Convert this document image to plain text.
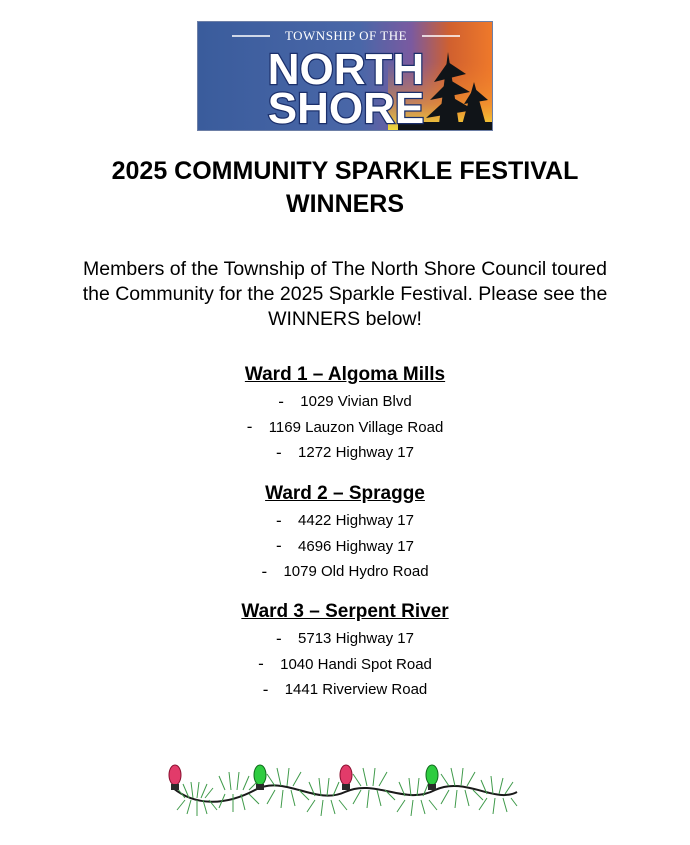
TOWNSHIP OF THE
NORTH
SHORE
2025 COMMUNITY SPARKLE FESTIVAL
WINNERS
Members of the Township of The North Shore Council toured
the Community for the 2025 Sparkle Festival. Please see the
WINNERS below!
Ward 1 – Algoma Mills
-	1029 Vivian Blvd
-	1169 Lauzon Village Road
-	1272 Highway 17
Ward 2 – Spragge
-	4422 Highway 17
-	4696 Highway 17
-	1079 Old Hydro Road
Ward 3 – Serpent River
-	5713 Highway 17
-	1040 Handi Spot Road
-	1441 Riverview Road
